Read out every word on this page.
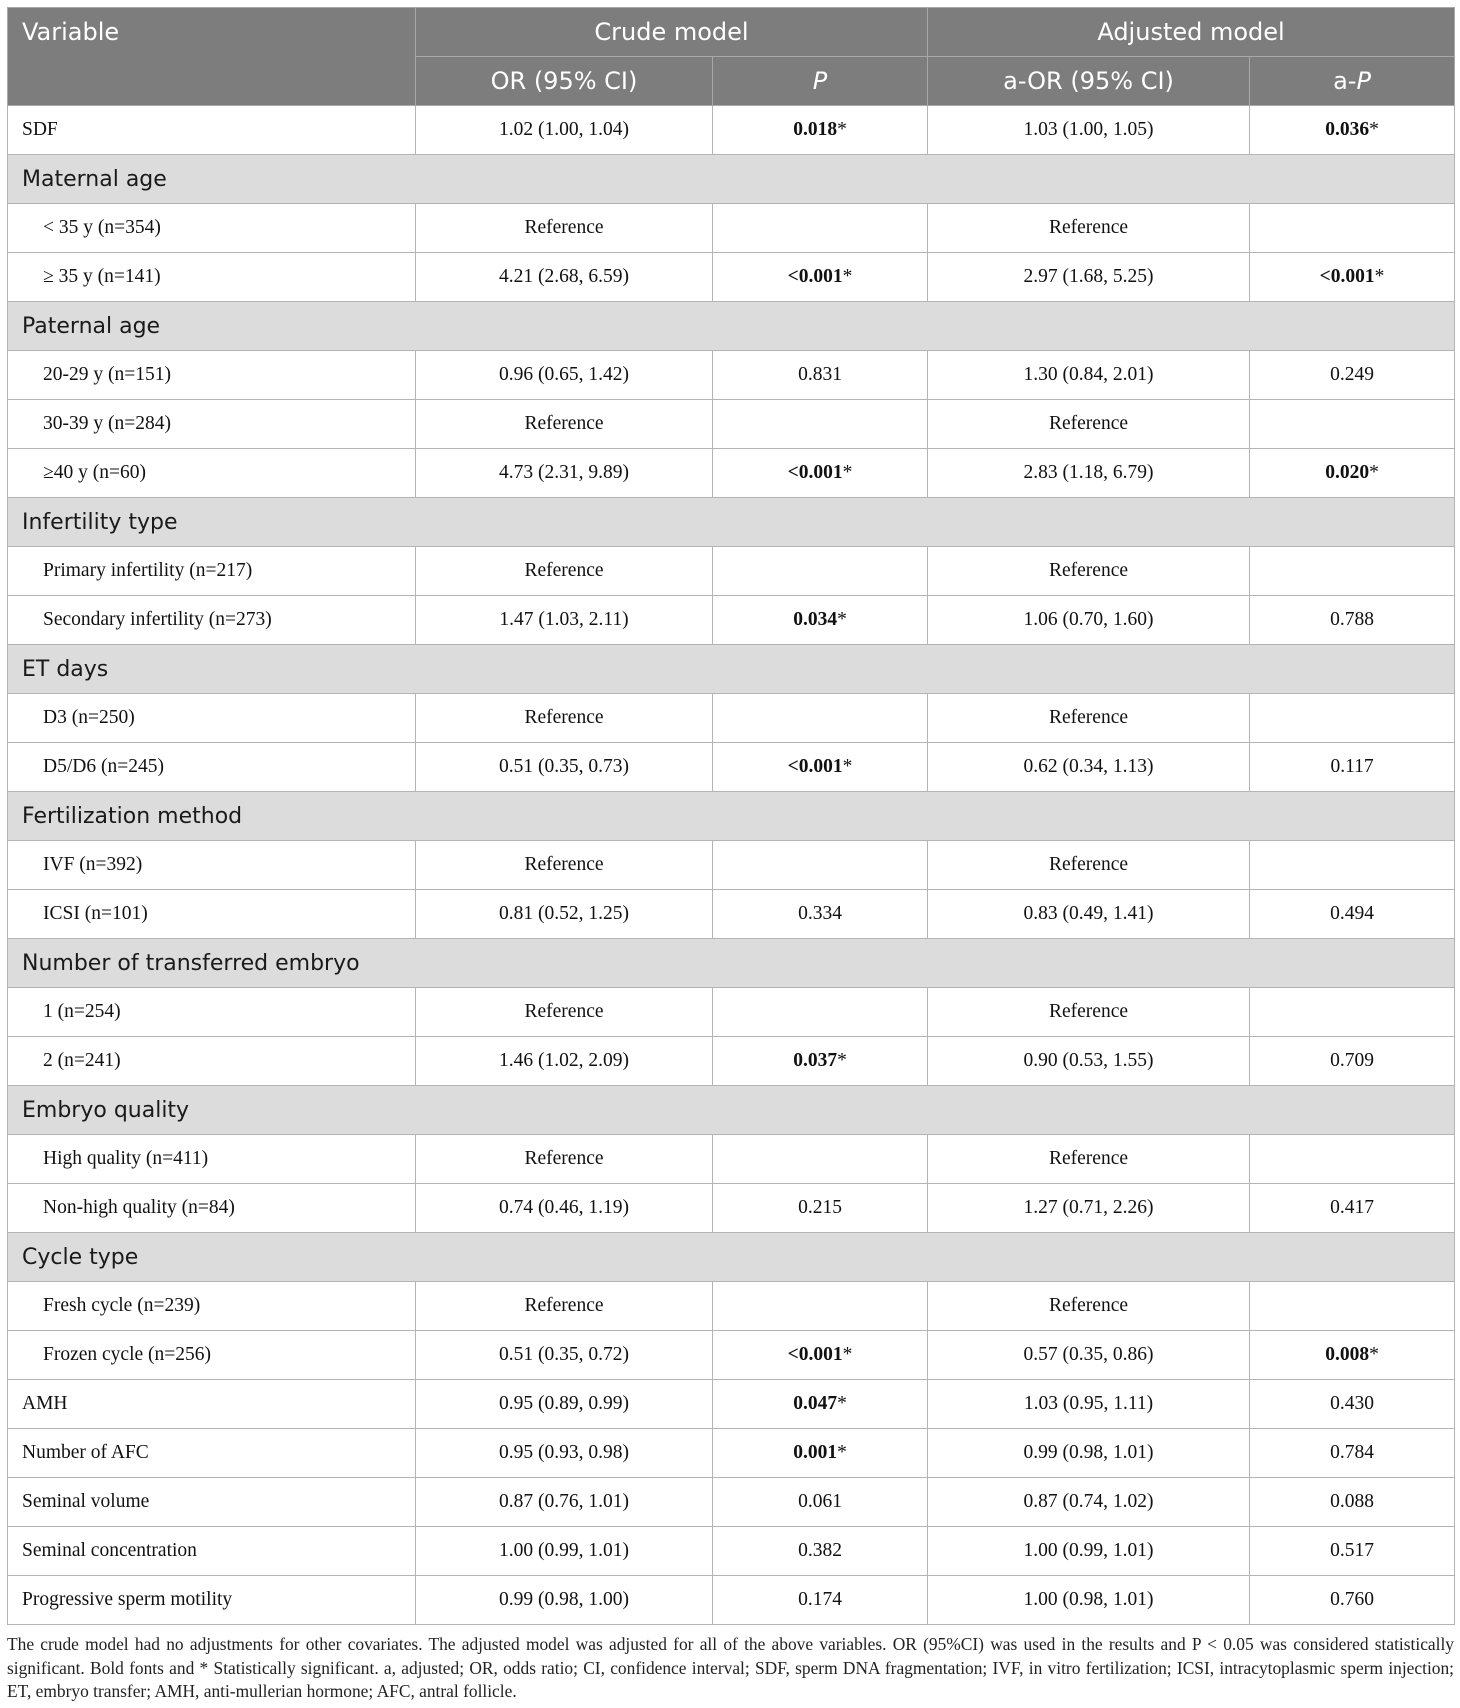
Variable	Crude model		Adjusted model	
	OR (95% CI)	P	a-OR (95% CI)	a-P
SDF	1.02 (1.00, 1.04)	0.018*	1.03 (1.00, 1.05)	0.036*
Maternal age				
< 35 y (n=354)	Reference		Reference	
≥ 35 y (n=141)	4.21 (2.68, 6.59)	<0.001*	2.97 (1.68, 5.25)	<0.001*
Paternal age				
20-29 y (n=151)	0.96 (0.65, 1.42)	0.831	1.30 (0.84, 2.01)	0.249
30-39 y (n=284)	Reference		Reference	
≥40 y (n=60)	4.73 (2.31, 9.89)	<0.001*	2.83 (1.18, 6.79)	0.020*
Infertility type				
Primary infertility (n=217)	Reference		Reference	
Secondary infertility (n=273)	1.47 (1.03, 2.11)	0.034*	1.06 (0.70, 1.60)	0.788
ET days				
D3 (n=250)	Reference		Reference	
D5/D6 (n=245)	0.51 (0.35, 0.73)	<0.001*	0.62 (0.34, 1.13)	0.117
Fertilization method				
IVF (n=392)	Reference		Reference	
ICSI (n=101)	0.81 (0.52, 1.25)	0.334	0.83 (0.49, 1.41)	0.494
Number of transferred embryo				
1 (n=254)	Reference		Reference	
2 (n=241)	1.46 (1.02, 2.09)	0.037*	0.90 (0.53, 1.55)	0.709
Embryo quality				
High quality (n=411)	Reference		Reference	
Non-high quality (n=84)	0.74 (0.46, 1.19)	0.215	1.27 (0.71, 2.26)	0.417
Cycle type				
Fresh cycle (n=239)	Reference		Reference	
Frozen cycle (n=256)	0.51 (0.35, 0.72)	<0.001*	0.57 (0.35, 0.86)	0.008*
AMH	0.95 (0.89, 0.99)	0.047*	1.03 (0.95, 1.11)	0.430
Number of AFC	0.95 (0.93, 0.98)	0.001*	0.99 (0.98, 1.01)	0.784
Seminal volume	0.87 (0.76, 1.01)	0.061	0.87 (0.74, 1.02)	0.088
Seminal concentration	1.00 (0.99, 1.01)	0.382	1.00 (0.99, 1.01)	0.517
Progressive sperm motility	0.99 (0.98, 1.00)	0.174	1.00 (0.98, 1.01)	0.760
The crude model had no adjustments for other covariates. The adjusted model was adjusted for all of the above variables. OR (95%CI) was used in the results and P < 0.05 was considered statistically significant. Bold fonts and * Statistically significant. a, adjusted; OR, odds ratio; CI, confidence interval; SDF, sperm DNA fragmentation; IVF, in vitro fertilization; ICSI, intracytoplasmic sperm injection; ET, embryo transfer; AMH, anti-mullerian hormone; AFC, antral follicle.
